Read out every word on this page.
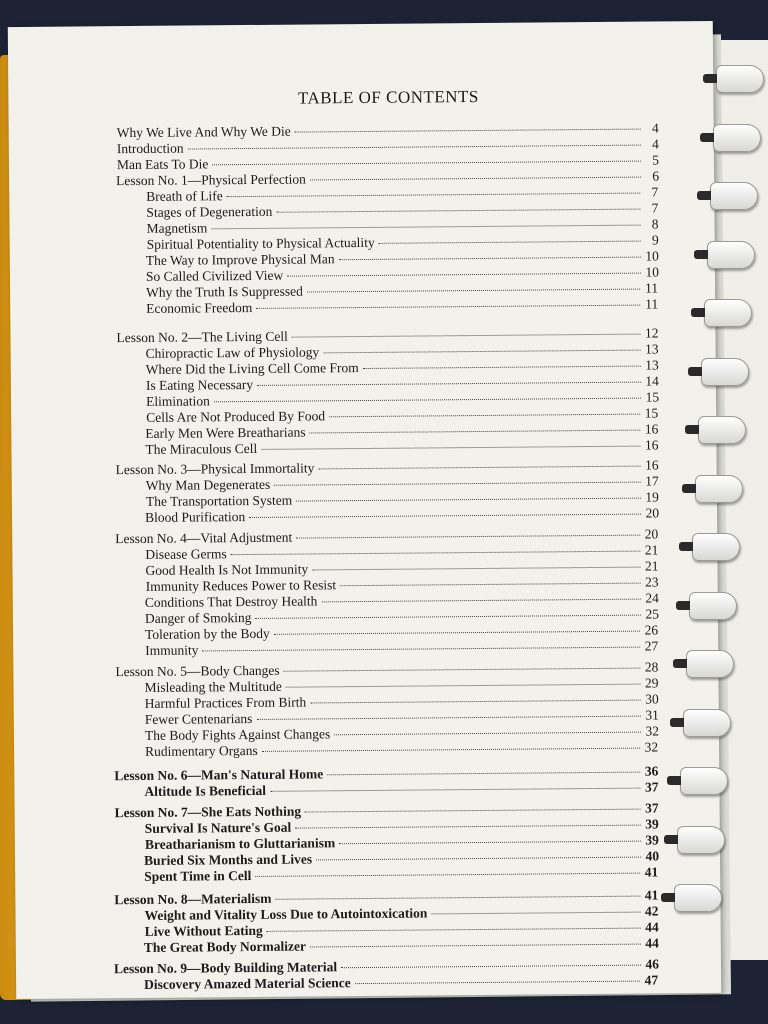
TABLE OF CONTENTS
Why We Live And Why We Die	4
Introduction	4
Man Eats To Die	5
Lesson No. 1—Physical Perfection	6
Breath of Life	7
Stages of Degeneration	7
Magnetism	8
Spiritual Potentiality to Physical Actuality	9
The Way to Improve Physical Man	10
So Called Civilized View	10
Why the Truth Is Suppressed	11
Economic Freedom	11
Lesson No. 2—The Living Cell	12
Chiropractic Law of Physiology	13
Where Did the Living Cell Come From	13
Is Eating Necessary	14
Elimination	15
Cells Are Not Produced By Food	15
Early Men Were Breatharians	16
The Miraculous Cell	16
Lesson No. 3—Physical Immortality	16
Why Man Degenerates	17
The Transportation System	19
Blood Purification	20
Lesson No. 4—Vital Adjustment	20
Disease Germs	21
Good Health Is Not Immunity	21
Immunity Reduces Power to Resist	23
Conditions That Destroy Health	24
Danger of Smoking	25
Toleration by the Body	26
Immunity	27
Lesson No. 5—Body Changes	28
Misleading the Multitude	29
Harmful Practices From Birth	30
Fewer Centenarians	31
The Body Fights Against Changes	32
Rudimentary Organs	32
Lesson No. 6—Man's Natural Home	36
Altitude Is Beneficial	37
Lesson No. 7—She Eats Nothing	37
Survival Is Nature's Goal	39
Breatharianism to Gluttarianism	39
Buried Six Months and Lives	40
Spent Time in Cell	41
Lesson No. 8—Materialism	41
Weight and Vitality Loss Due to Autointoxication	42
Live Without Eating	44
The Great Body Normalizer	44
Lesson No. 9—Body Building Material	46
Discovery Amazed Material Science	47
